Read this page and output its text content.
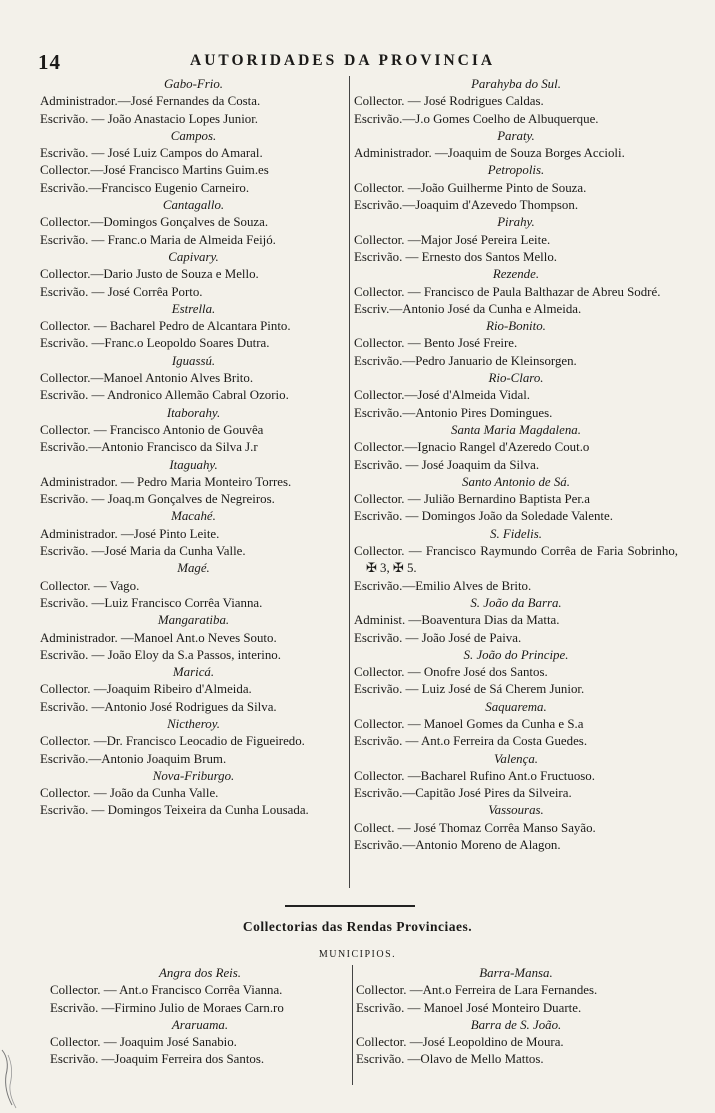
14	AUTORIDADES DA PROVINCIA
Gabo-Frio.
Administrador.—José Fernandes da Costa.
Escrivão. — João Anastacio Lopes Junior.
Campos.
Escrivão. — José Luiz Campos do Amaral.
Collector.—José Francisco Martins Guim.es
Escrivão.—Francisco Eugenio Carneiro.
Cantagallo.
Collector.—Domingos Gonçalves de Souza.
Escrivão. — Franc.o Maria de Almeida Feijó.
Capivary.
Collector.—Dario Justo de Souza e Mello.
Escrivão. — José Corrêa Porto.
Estrella.
Collector. — Bacharel Pedro de Alcantara Pinto.
Escrivão. —Franc.o Leopoldo Soares Dutra.
Iguassú.
Collector.—Manoel Antonio Alves Brito.
Escrivão. — Andronico Allemão Cabral Ozorio.
Itaborahy.
Collector. — Francisco Antonio de Gouvêa
Escrivão.—Antonio Francisco da Silva J.r
Itaguahy.
Administrador. — Pedro Maria Monteiro Torres.
Escrivão. — Joaq.m Gonçalves de Negreiros.
Macahé.
Administrador. —José Pinto Leite.
Escrivão. —José Maria da Cunha Valle.
Magé.
Collector. — Vago.
Escrivão. —Luiz Francisco Corrêa Vianna.
Mangaratiba.
Administrador. —Manoel Ant.o Neves Souto.
Escrivão. — João Eloy da S.a Passos, interino.
Maricá.
Collector. —Joaquim Ribeiro d'Almeida.
Escrivão. —Antonio José Rodrigues da Silva.
Nictheroy.
Collector. —Dr. Francisco Leocadio de Figueiredo.
Escrivão.—Antonio Joaquim Brum.
Nova-Friburgo.
Collector. — João da Cunha Valle.
Escrivão. — Domingos Teixeira da Cunha Lousada.
Parahyba do Sul.
Collector. — José Rodrigues Caldas.
Escrivão.—J.o Gomes Coelho de Albuquerque.
Paraty.
Administrador. —Joaquim de Souza Borges Accioli.
Petropolis.
Collector. —João Guilherme Pinto de Souza.
Escrivão.—Joaquim d'Azevedo Thompson.
Pirahy.
Collector. —Major José Pereira Leite.
Escrivão. — Ernesto dos Santos Mello.
Rezende.
Collector. — Francisco de Paula Balthazar de Abreu Sodré.
Escriv.—Antonio José da Cunha e Almeida.
Rio-Bonito.
Collector. — Bento José Freire.
Escrivão.—Pedro Januario de Kleinsorgen.
Rio-Claro.
Collector.—José d'Almeida Vidal.
Escrivão.—Antonio Pires Domingues.
Santa Maria Magdalena.
Collector.—Ignacio Rangel d'Azeredo Cout.o
Escrivão. — José Joaquim da Silva.
Santo Antonio de Sá.
Collector. — Julião Bernardino Baptista Per.a
Escrivão. — Domingos João da Soledade Valente.
S. Fidelis.
Collector. — Francisco Raymundo Corrêa de Faria Sobrinho, ✠ 3, ✠ 5.
Escrivão.—Emilio Alves de Brito.
S. João da Barra.
Administ. —Boaventura Dias da Matta.
Escrivão. — João José de Paiva.
S. João do Principe.
Collector. — Onofre José dos Santos.
Escrivão. — Luiz José de Sá Cherem Junior.
Saquarema.
Collector. — Manoel Gomes da Cunha e S.a
Escrivão. — Ant.o Ferreira da Costa Guedes.
Valença.
Collector. —Bacharel Rufino Ant.o Fructuoso.
Escrivão.—Capitão José Pires da Silveira.
Vassouras.
Collect. — José Thomaz Corrêa Manso Sayão.
Escrivão.—Antonio Moreno de Alagon.
Collectorias das Rendas Provinciaes.
MUNICIPIOS.
Angra dos Reis.
Collector. — Ant.o Francisco Corrêa Vianna.
Escrivão. —Firmino Julio de Moraes Carn.ro
Araruama.
Collector. — Joaquim José Sanabio.
Escrivão. —Joaquim Ferreira dos Santos.
Barra-Mansa.
Collector. —Ant.o Ferreira de Lara Fernandes.
Escrivão. — Manoel José Monteiro Duarte.
Barra de S. João.
Collector. —José Leopoldino de Moura.
Escrivão. —Olavo de Mello Mattos.
